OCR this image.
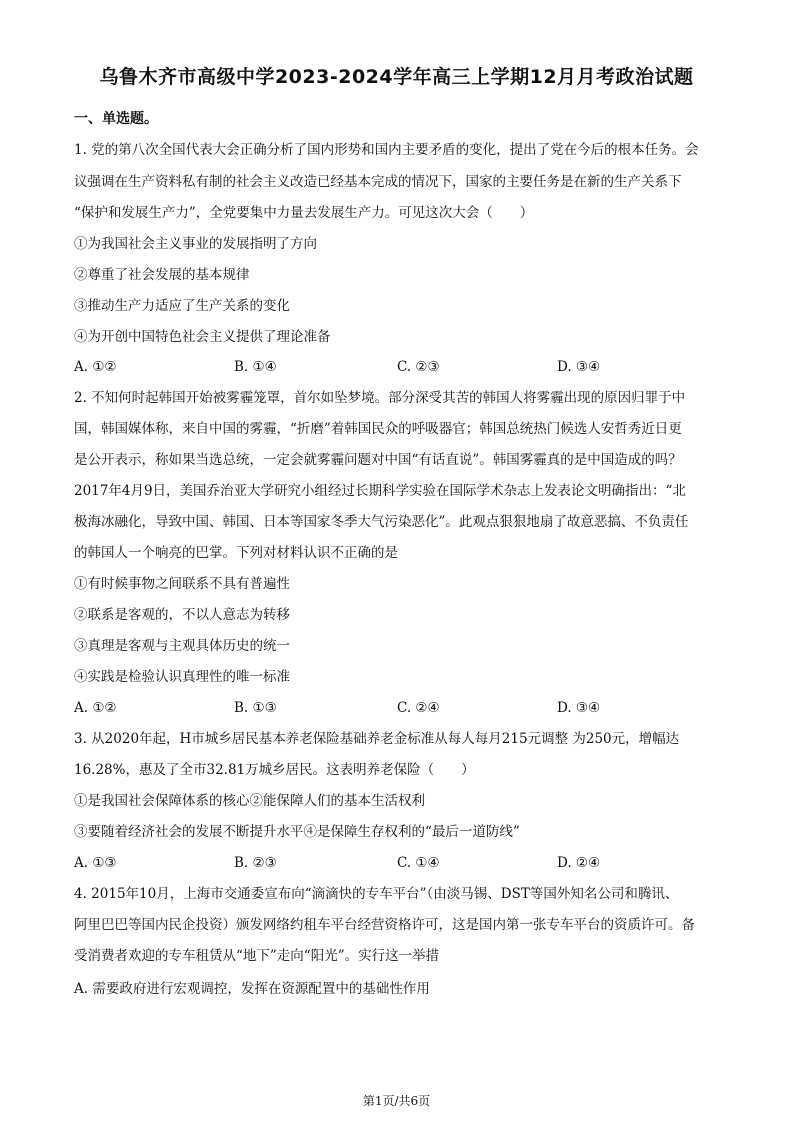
乌鲁木齐市高级中学2023-2024学年高三上学期12月月考政治试题
一、单选题。
1. 党的第八次全国代表大会正确分析了国内形势和国内主要矛盾的变化，提出了党在今后的根本任务。会
议强调在生产资料私有制的社会主义改造已经基本完成的情况下，国家的主要任务是在新的生产关系下
“保护和发展生产力”，全党要集中力量去发展生产力。可见这次大会（　　）
①为我国社会主义事业的发展指明了方向
②尊重了社会发展的基本规律
③推动生产力适应了生产关系的变化
④为开创中国特色社会主义提供了理论准备
A. ①②	B. ①④	C. ②③	D. ③④
2. 不知何时起韩国开始被雾霾笼罩，首尔如坠梦境。部分深受其苦的韩国人将雾霾出现的原因归罪于中
国，韩国媒体称，来自中国的雾霾，“折磨”着韩国民众的呼吸器官；韩国总统热门候选人安哲秀近日更
是公开表示，称如果当选总统，一定会就雾霾问题对中国“有话直说”。韩国雾霾真的是中国造成的吗？
2017年4月9日，美国乔治亚大学研究小组经过长期科学实验在国际学术杂志上发表论文明确指出：“北
极海冰融化，导致中国、韩国、日本等国家冬季大气污染恶化”。此观点狠狠地扇了故意恶搞、不负责任
的韩国人一个响亮的巴掌。下列对材料认识不正确的是
①有时候事物之间联系不具有普遍性
②联系是客观的，不以人意志为转移
③真理是客观与主观具体历史的统一
④实践是检验认识真理性的唯一标准
A. ①②	B. ①③	C. ②④	D. ③④
3. 从2020年起，H市城乡居民基本养老保险基础养老金标准从每人每月215元调整 为250元，增幅达
16.28%，惠及了全市32.81万城乡居民。这表明养老保险（　　）
①是我国社会保障体系的核心②能保障人们的基本生活权利
③要随着经济社会的发展不断提升水平④是保障生存权利的“最后一道防线”
A. ①③	B. ②③	C. ①④	D. ②④
4. 2015年10月，上海市交通委宣布向“滴滴快的专车平台”（由淡马锡、DST等国外知名公司和腾讯、
阿里巴巴等国内民企投资）颁发网络约租车平台经营资格许可，这是国内第一张专车平台的资质许可。备
受消费者欢迎的专车租赁从“地下”走向“阳光”。实行这一举措
A. 需要政府进行宏观调控，发挥在资源配置中的基础性作用
第1页/共6页
